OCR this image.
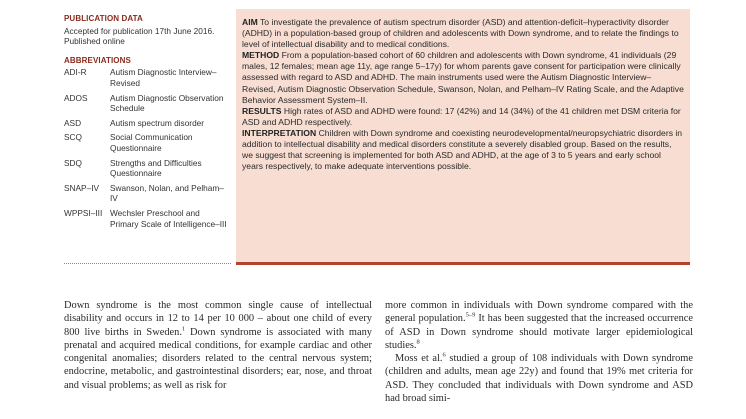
PUBLICATION DATA

Accepted for publication 17th June 2016. Published online

ABBREVIATIONS
ADI-R	Autism Diagnostic Interview–Revised
ADOS	Autism Diagnostic Observation Schedule
ASD	Autism spectrum disorder
SCQ	Social Communication Questionnaire
SDQ	Strengths and Difficulties Questionnaire
SNAP–IV	Swanson, Nolan, and Pelham–IV
WPPSI–III Wechsler Preschool and Primary Scale of Intelligence–III

AIM To investigate the prevalence of autism spectrum disorder (ASD) and attention-deficit–hyperactivity disorder (ADHD) in a population-based group of children and adolescents with Down syndrome, and to relate the findings to level of intellectual disability and to medical conditions.

METHOD From a population-based cohort of 60 children and adolescents with Down syndrome, 41 individuals (29 males, 12 females; mean age 11y, age range 5–17y) for whom parents gave consent for participation were clinically assessed with regard to ASD and ADHD. The main instruments used were the Autism Diagnostic Interview–Revised, Autism Diagnostic Observation Schedule, Swanson, Nolan, and Pelham–IV Rating Scale, and the Adaptive Behavior Assessment System–II.

RESULTS High rates of ASD and ADHD were found: 17 (42%) and 14 (34%) of the 41 children met DSM criteria for ASD and ADHD respectively.

INTERPRETATION Children with Down syndrome and coexisting neurodevelopmental/neuropsychiatric disorders in addition to intellectual disability and medical disorders constitute a severely disabled group. Based on the results, we suggest that screening is implemented for both ASD and ADHD, at the age of 3 to 5 years and early school years respectively, to make adequate interventions possible.

Down syndrome is the most common single cause of intellectual disability and occurs in 12 to 14 per 10 000 – about one child of every 800 live births in Sweden.$^1$ Down syndrome is associated with many prenatal and acquired medical conditions, for example cardiac and other congenital anomalies; disorders related to the central nervous system; endocrine, metabolic, and gastrointestinal disorders; ear, nose, and throat and visual problems; as well as risk for

more common in individuals with Down syndrome compared with the general population.$^{5-9}$ It has been suggested that the increased occurrence of ASD in Down syndrome should motivate larger epidemiological studies.$^8$

Moss et al.$^6$ studied a group of 108 individuals with Down syndrome (children and adults, mean age 22y) and found that 19% met criteria for ASD. They concluded that individuals with Down syndrome and ASD had broad simi-
